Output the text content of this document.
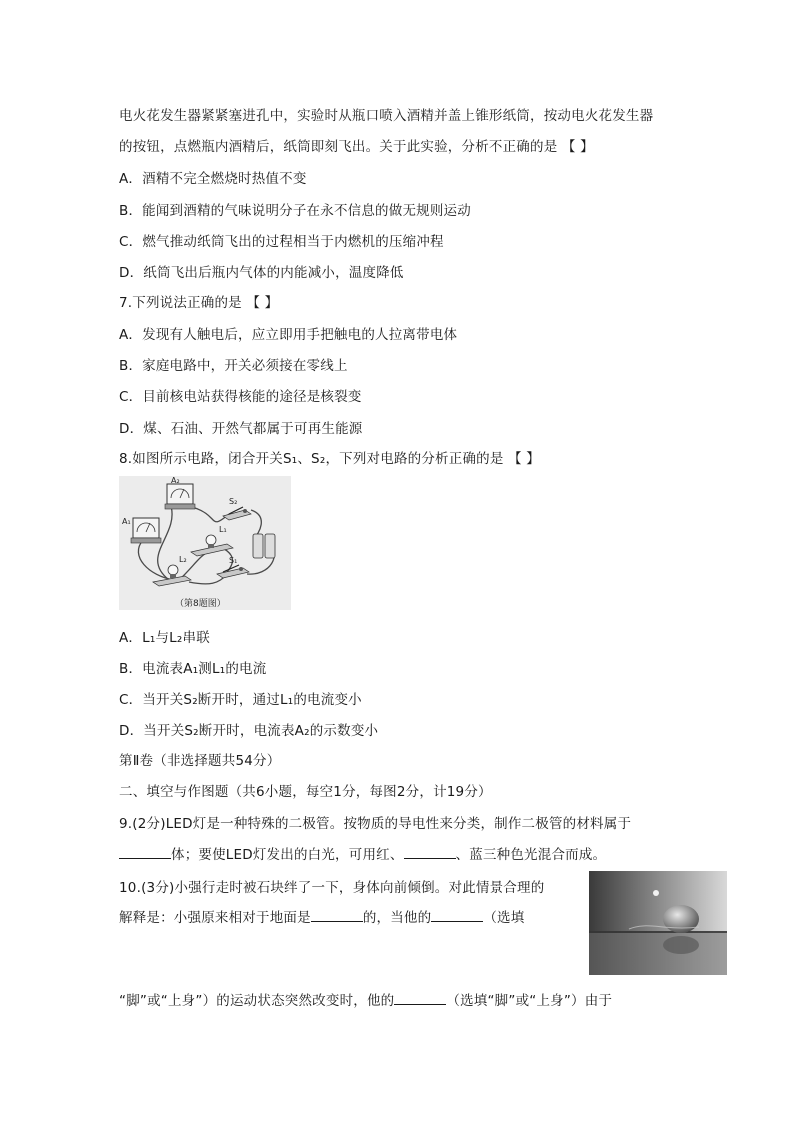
电火花发生器紧紧塞进孔中，实验时从瓶口喷入酒精并盖上锥形纸筒，按动电火花发生器
的按钮，点燃瓶内酒精后，纸筒即刻飞出。关于此实验，分析不正确的是 【 】
A．酒精不完全燃烧时热值不变
B．能闻到酒精的气味说明分子在永不信息的做无规则运动
C．燃气推动纸筒飞出的过程相当于内燃机的压缩冲程
D．纸筒飞出后瓶内气体的内能减小，温度降低
7.下列说法正确的是 【 】
A．发现有人触电后，应立即用手把触电的人拉离带电体
B．家庭电路中，开关必须接在零线上
C．目前核电站获得核能的途径是核裂变
D．煤、石油、开然气都属于可再生能源
8.如图所示电路，闭合开关S₁、S₂，下列对电路的分析正确的是 【 】
A₂
A₁
S₂
S₁
L₁
L₂
（第8题图）
A．L₁与L₂串联
B．电流表A₁测L₁的电流
C．当开关S₂断开时，通过L₁的电流变小
D．当开关S₂断开时，电流表A₂的示数变小
第Ⅱ卷（非选择题共54分）
二、填空与作图题（共6小题，每空1分，每图2分，计19分）
9.(2分)LED灯是一种特殊的二极管。按物质的导电性来分类，制作二极管的材料属于
体；要使LED灯发出的白光，可用红、	、蓝三种色光混合而成。
10.(3分)小强行走时被石块绊了一下，身体向前倾倒。对此情景合理的
解释是：小强原来相对于地面是	的，当他的	（选填
“脚”或“上身”）的运动状态突然改变时，他的	（选填“脚”或“上身”）由于
